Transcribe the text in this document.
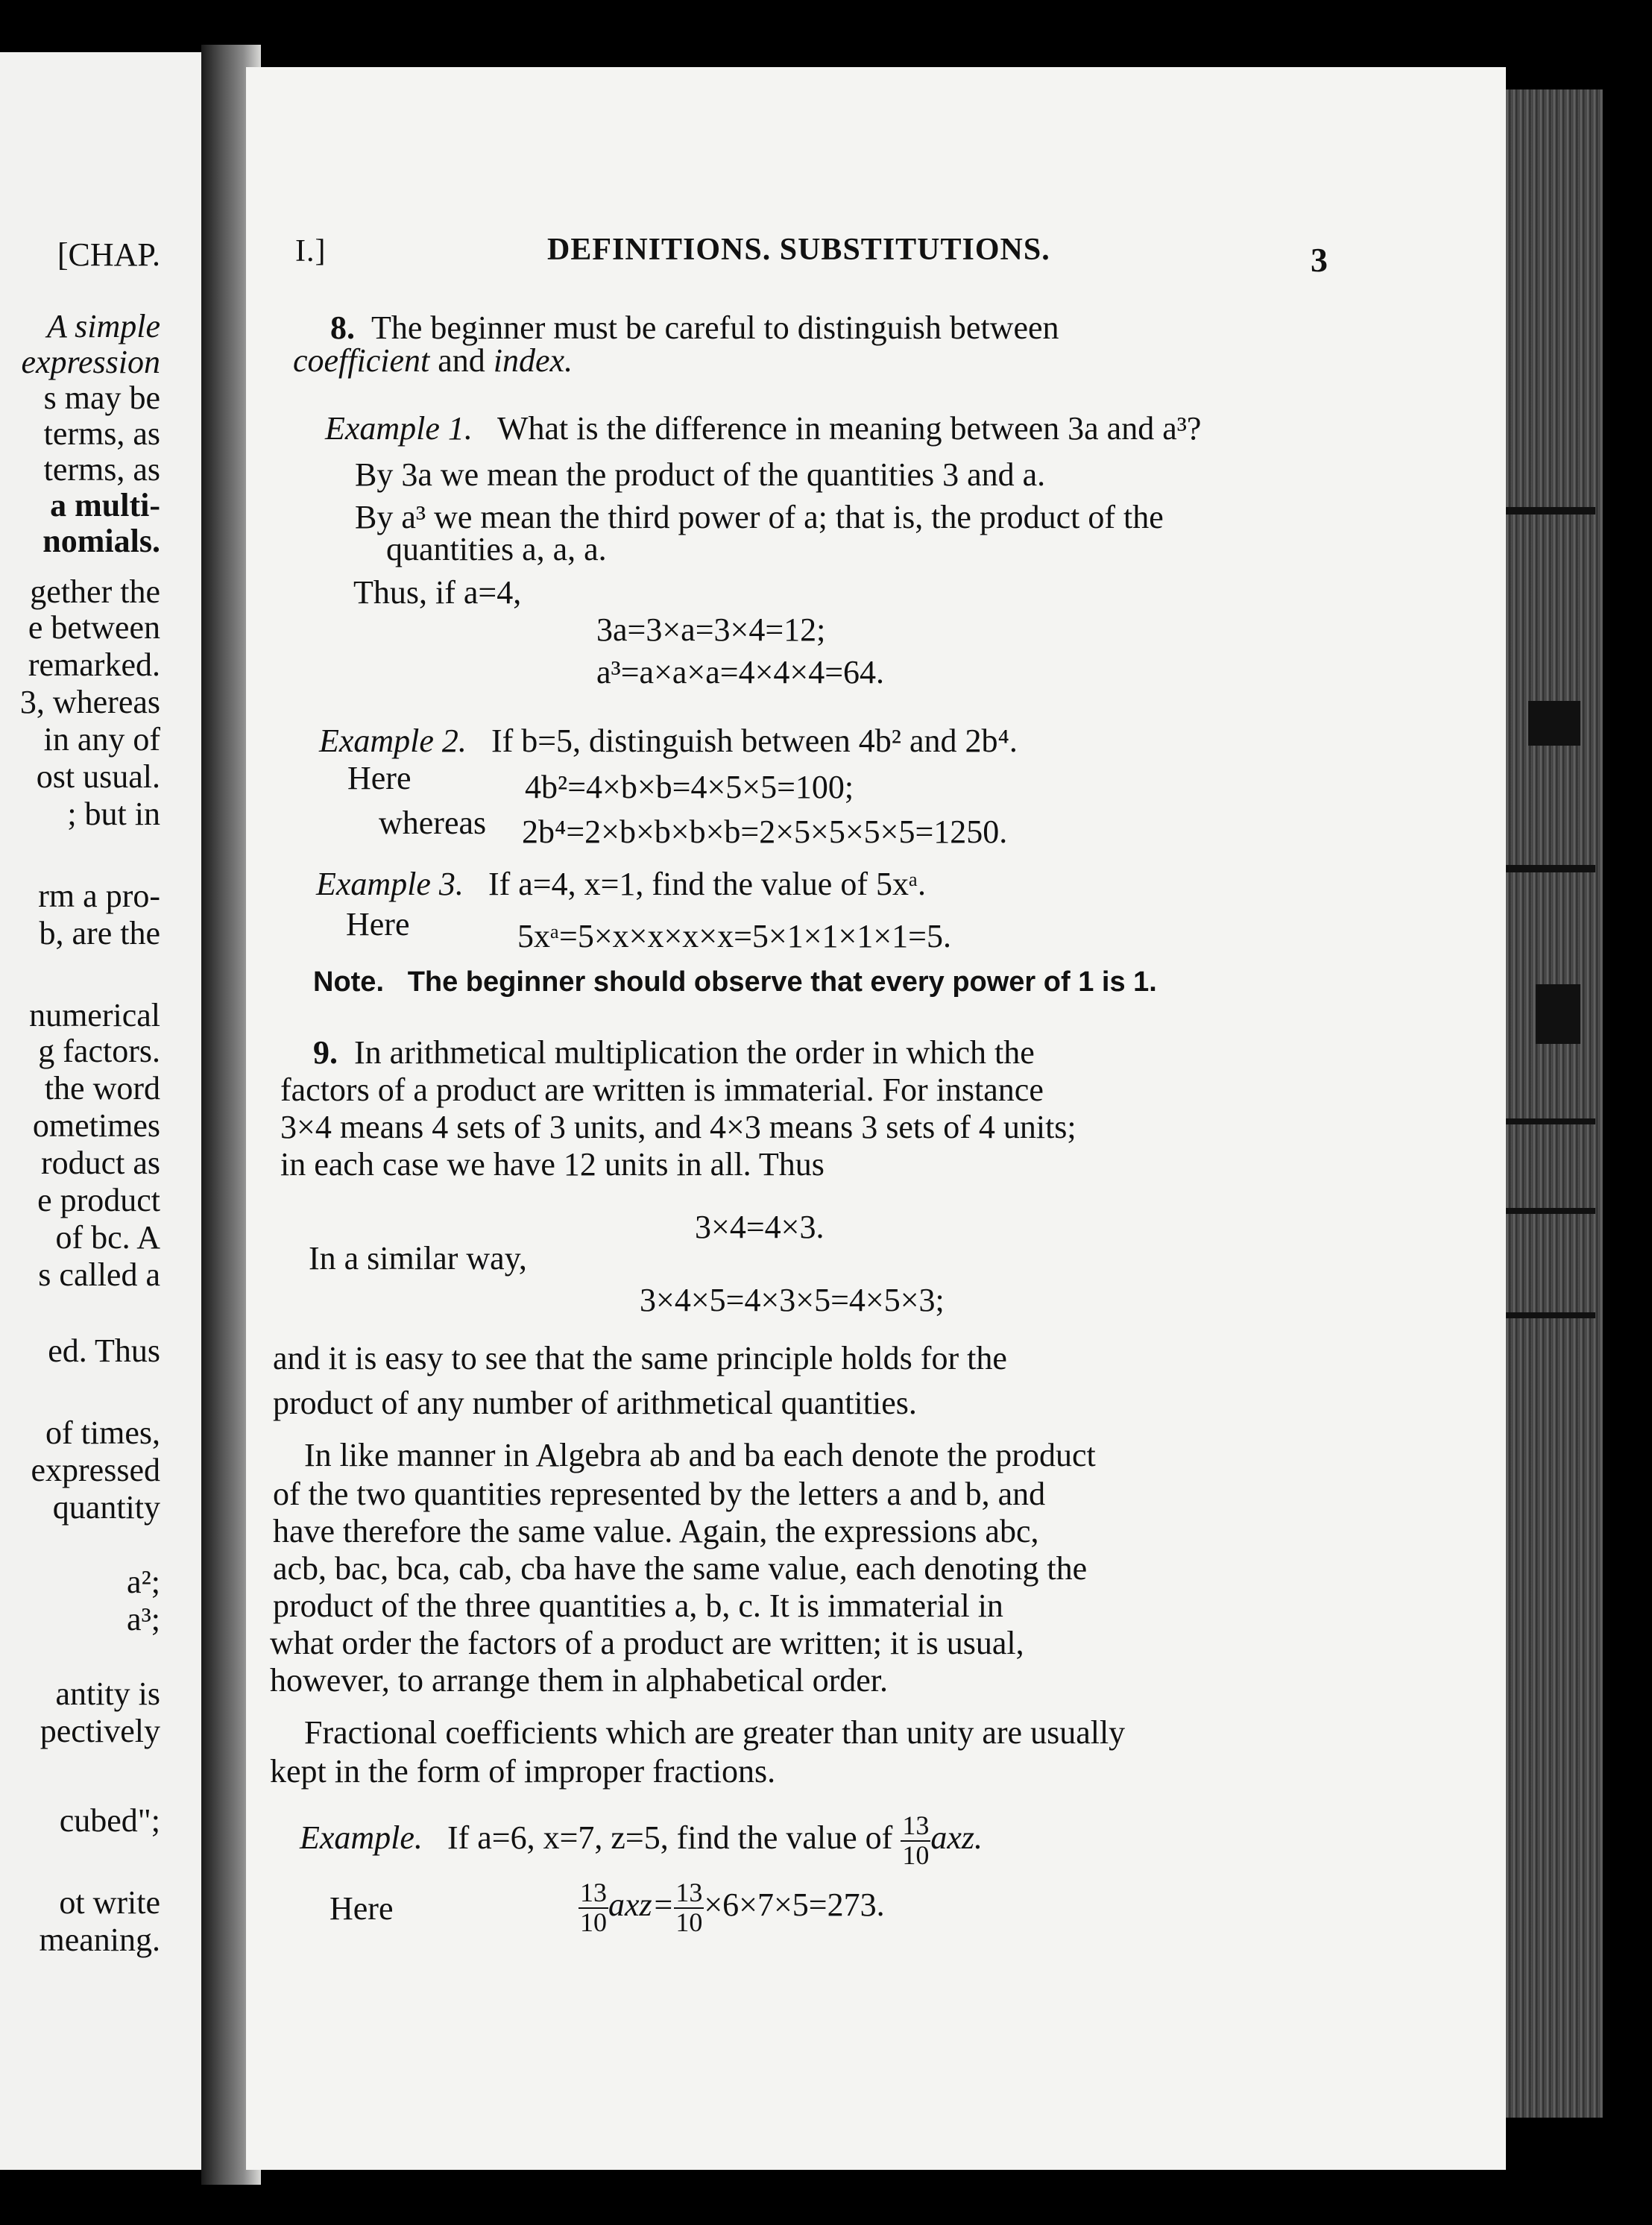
[CHAP.
A simple
expression
s may be
terms, as
terms, as
a multi-
nomials.
gether the
e between
remarked.
3, whereas
in any of
ost usual.
; but in
rm a pro-
b, are the
numerical
g factors.
the word
ometimes
roduct as
e product
of bc. A
s called a
ed. Thus
of times,
expressed
quantity
a²;
a³;
antity is
pectively
cubed";
ot write
meaning.
I.]	DEFINITIONS. SUBSTITUTIONS.	3
8. The beginner must be careful to distinguish between
coefficient and index.
Example 1. What is the difference in meaning between 3a and a³?
By 3a we mean the product of the quantities 3 and a.
By a³ we mean the third power of a; that is, the product of the
quantities a, a, a.
Thus, if a=4,
3a=3×a=3×4=12;
a³=a×a×a=4×4×4=64.
Example 2. If b=5, distinguish between 4b² and 2b⁴.
Here	4b²=4×b×b=4×5×5=100;
whereas 2b⁴=2×b×b×b×b=2×5×5×5×5=1250.
Example 3. If a=4, x=1, find the value of 5xᵃ.
Here	5xᵃ=5×x×x×x×x=5×1×1×1×1=5.
Note. The beginner should observe that every power of 1 is 1.
9. In arithmetical multiplication the order in which the
factors of a product are written is immaterial. For instance
3×4 means 4 sets of 3 units, and 4×3 means 3 sets of 4 units;
in each case we have 12 units in all. Thus
3×4=4×3.
In a similar way,
3×4×5=4×3×5=4×5×3;
and it is easy to see that the same principle holds for the
product of any number of arithmetical quantities.
In like manner in Algebra ab and ba each denote the product
of the two quantities represented by the letters a and b, and
have therefore the same value. Again, the expressions abc,
acb, bac, bca, cab, cba have the same value, each denoting the
product of the three quantities a, b, c. It is immaterial in
what order the factors of a product are written; it is usual,
however, to arrange them in alphabetical order.
Fractional coefficients which are greater than unity are usually
kept in the form of improper fractions.
Example. If a=6, x=7, z=5, find the value of $\frac{13}{10}$ axz.
Here	$\frac{13}{10} axz= \frac{13}{10} \times 6\times 7\times 5=273$.
